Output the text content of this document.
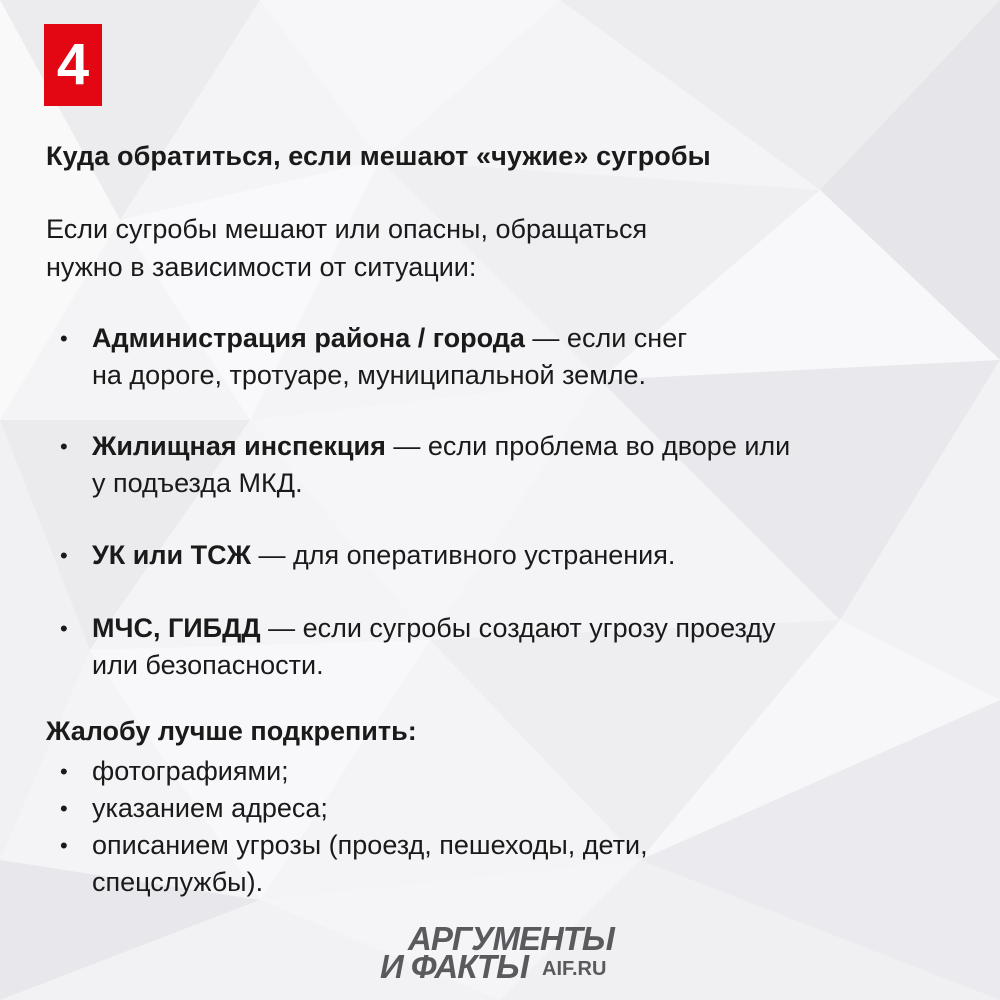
4
Куда обратиться, если мешают «чужие» сугробы
Если сугробы мешают или опасны, обращаться
нужно в зависимости от ситуации:
• Администрация района / города — если снег
на дороге, тротуаре, муниципальной земле.
• Жилищная инспекция — если проблема во дворе или
у подъезда МКД.
• УК или ТСЖ — для оперативного устранения.
• МЧС, ГИБДД — если сугробы создают угрозу проезду
или безопасности.
Жалобу лучше подкрепить:
• фотографиями;
• указанием адреса;
• описанием угрозы (проезд, пешеходы, дети,
спецслужбы).
АРГУМЕНТЫ
И ФАКТЫ AIF.RU
